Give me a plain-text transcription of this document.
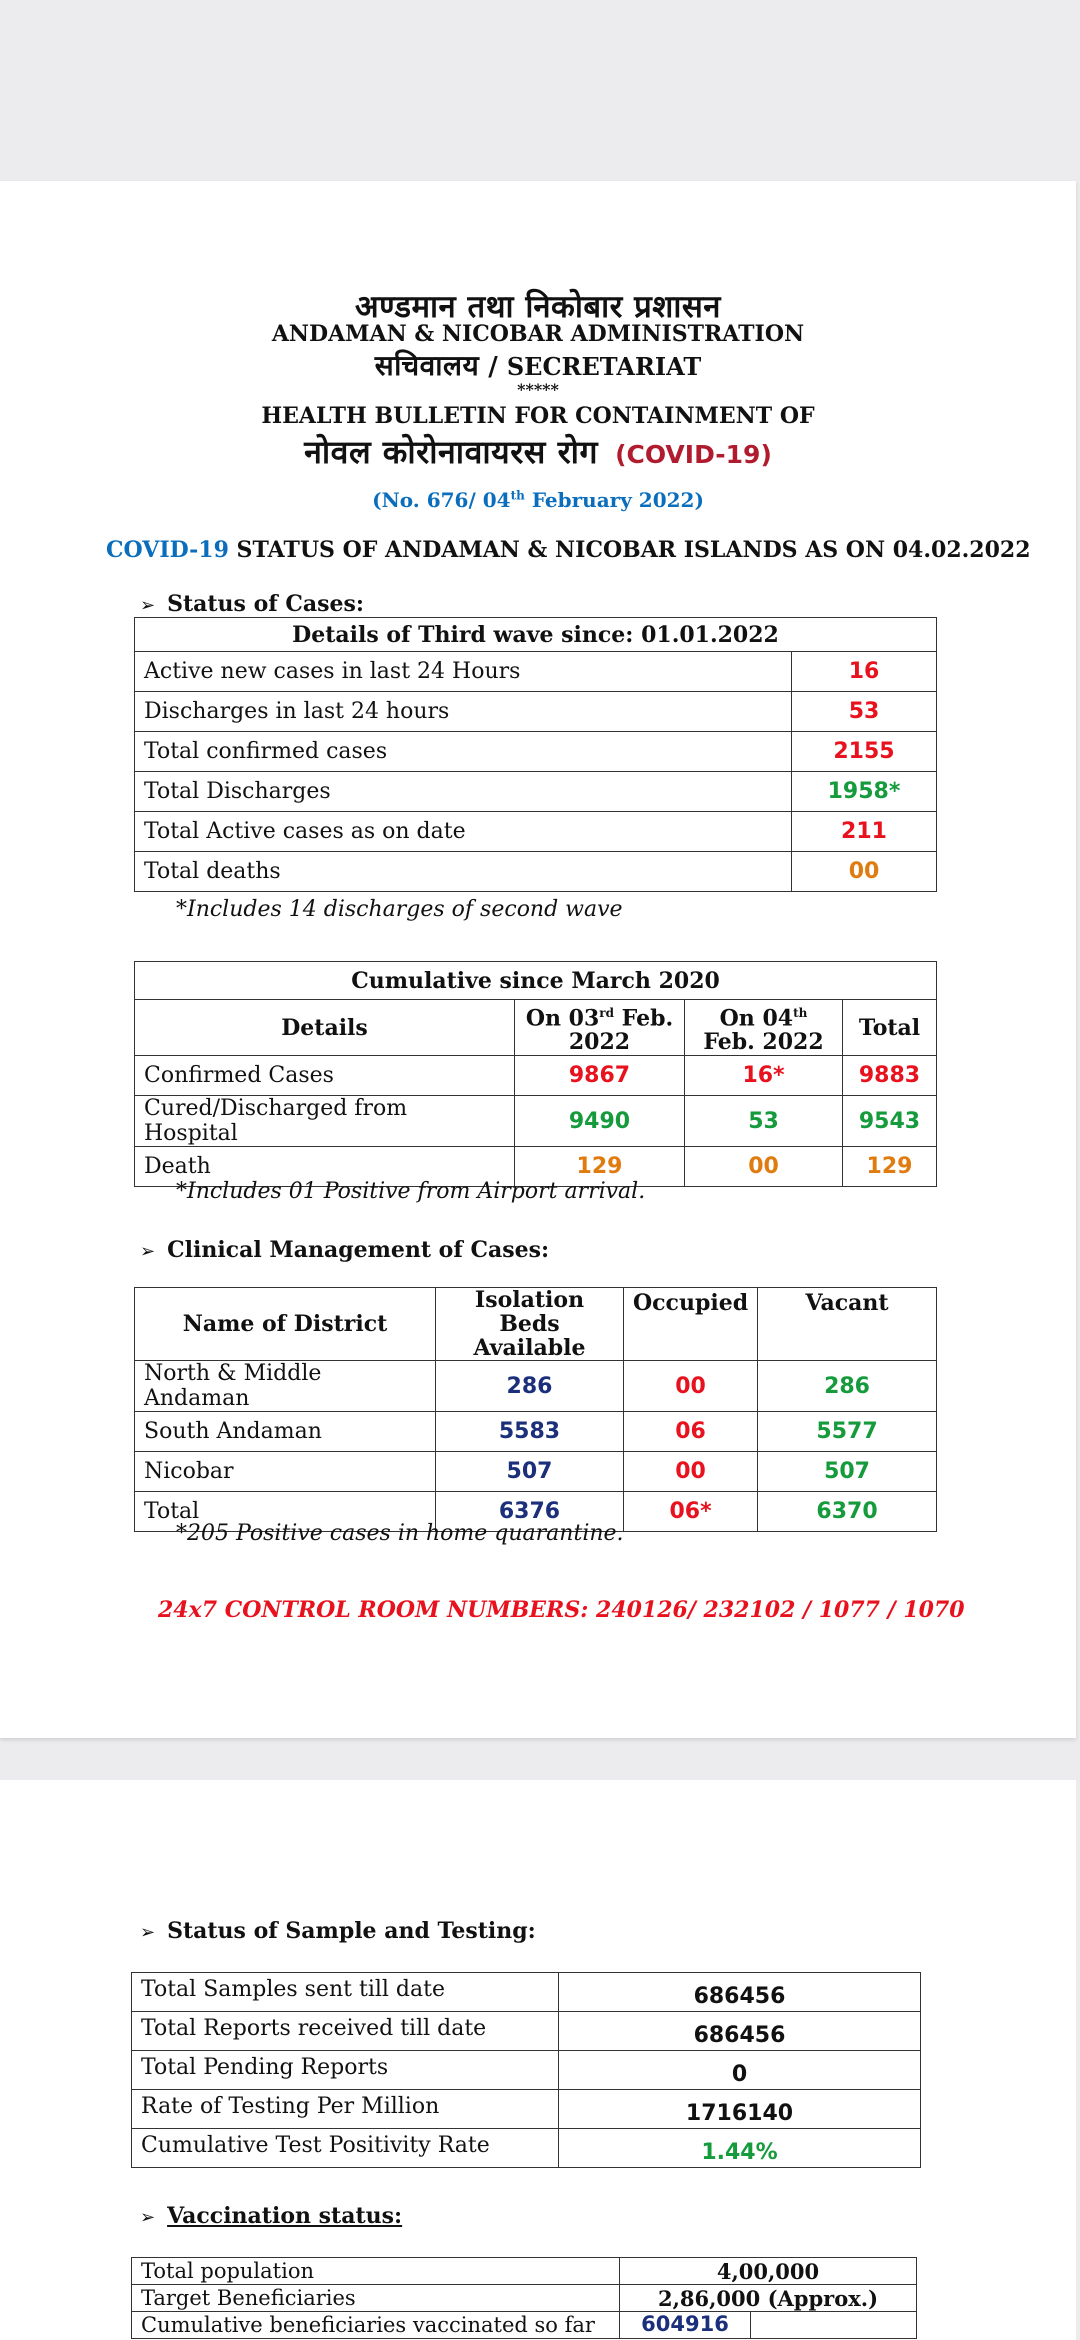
अण्डमान तथा निकोबार प्रशासन
ANDAMAN & NICOBAR ADMINISTRATION
सचिवालय / SECRETARIAT
*****
HEALTH BULLETIN FOR CONTAINMENT OF
नोवल कोरोनावायरस रोग (COVID-19)
(No. 676/ 04th February 2022)
COVID-19 STATUS OF ANDAMAN & NICOBAR ISLANDS AS ON 04.02.2022
➢ Status of Cases:
Details of Third wave since: 01.01.2022	
Active new cases in last 24 Hours	16
Discharges in last 24 hours	53
Total confirmed cases	2155
Total Discharges	1958*
Total Active cases as on date	211
Total deaths	00
*Includes 14 discharges of second wave
Cumulative since March 2020			
Details	On 03rd Feb. 2022	On 04th Feb. 2022	Total
Confirmed Cases	9867	16*	9883
Cured/Discharged from Hospital	9490	53	9543
Death	129	00	129
*Includes 01 Positive from Airport arrival.
➢ Clinical Management of Cases:
Name of District	Isolation Beds Available	Occupied	Vacant
North & Middle Andaman	286	00	286
South Andaman	5583	06	5577
Nicobar	507	00	507
Total	6376	06*	6370
*205 Positive cases in home quarantine.
24x7 CONTROL ROOM NUMBERS: 240126/ 232102 / 1077 / 1070
➢ Status of Sample and Testing:
Total Samples sent till date	686456
Total Reports received till date	686456
Total Pending Reports	0
Rate of Testing Per Million	1716140
Cumulative Test Positivity Rate	1.44%
➢ Vaccination status:
Total population	4,00,000
Target Beneficiaries	2,86,000 (Approx.)
Cumulative beneficiaries vaccinated so far	604916
